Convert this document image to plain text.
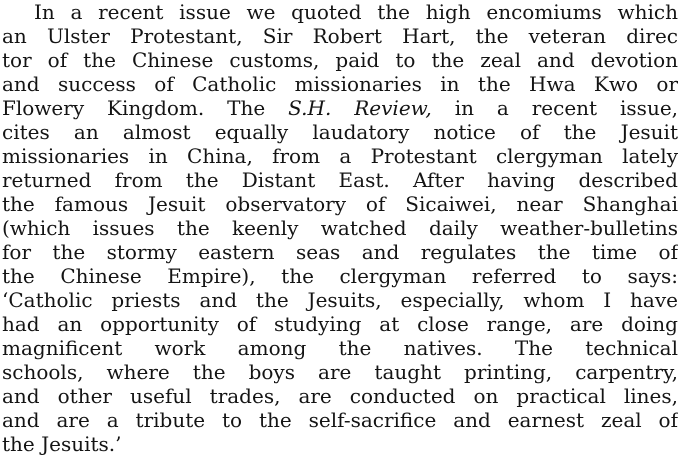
In a recent issue we quoted the high encomiums which
an Ulster Protestant, Sir Robert Hart, the veteran direc
tor of the Chinese customs, paid to the zeal and devotion
and success of Catholic missionaries in the Hwa Kwo or
Flowery Kingdom. The S.H. Review, in a recent issue,
cites an almost equally laudatory notice of the Jesuit
missionaries in China, from a Protestant clergyman lately
returned from the Distant East. After having described
the famous Jesuit observatory of Sicaiwei, near Shanghai
(which issues the keenly watched daily weather-bulletins
for the stormy eastern seas and regulates the time of
the Chinese Empire), the clergyman referred to says:
‘Catholic priests and the Jesuits, especially, whom I have
had an opportunity of studying at close range, are doing
magnificent work among the natives. The technical
schools, where the boys are taught printing, carpentry,
and other useful trades, are conducted on practical lines,
and are a tribute to the self-sacrifice and earnest zeal of
the Jesuits.’
